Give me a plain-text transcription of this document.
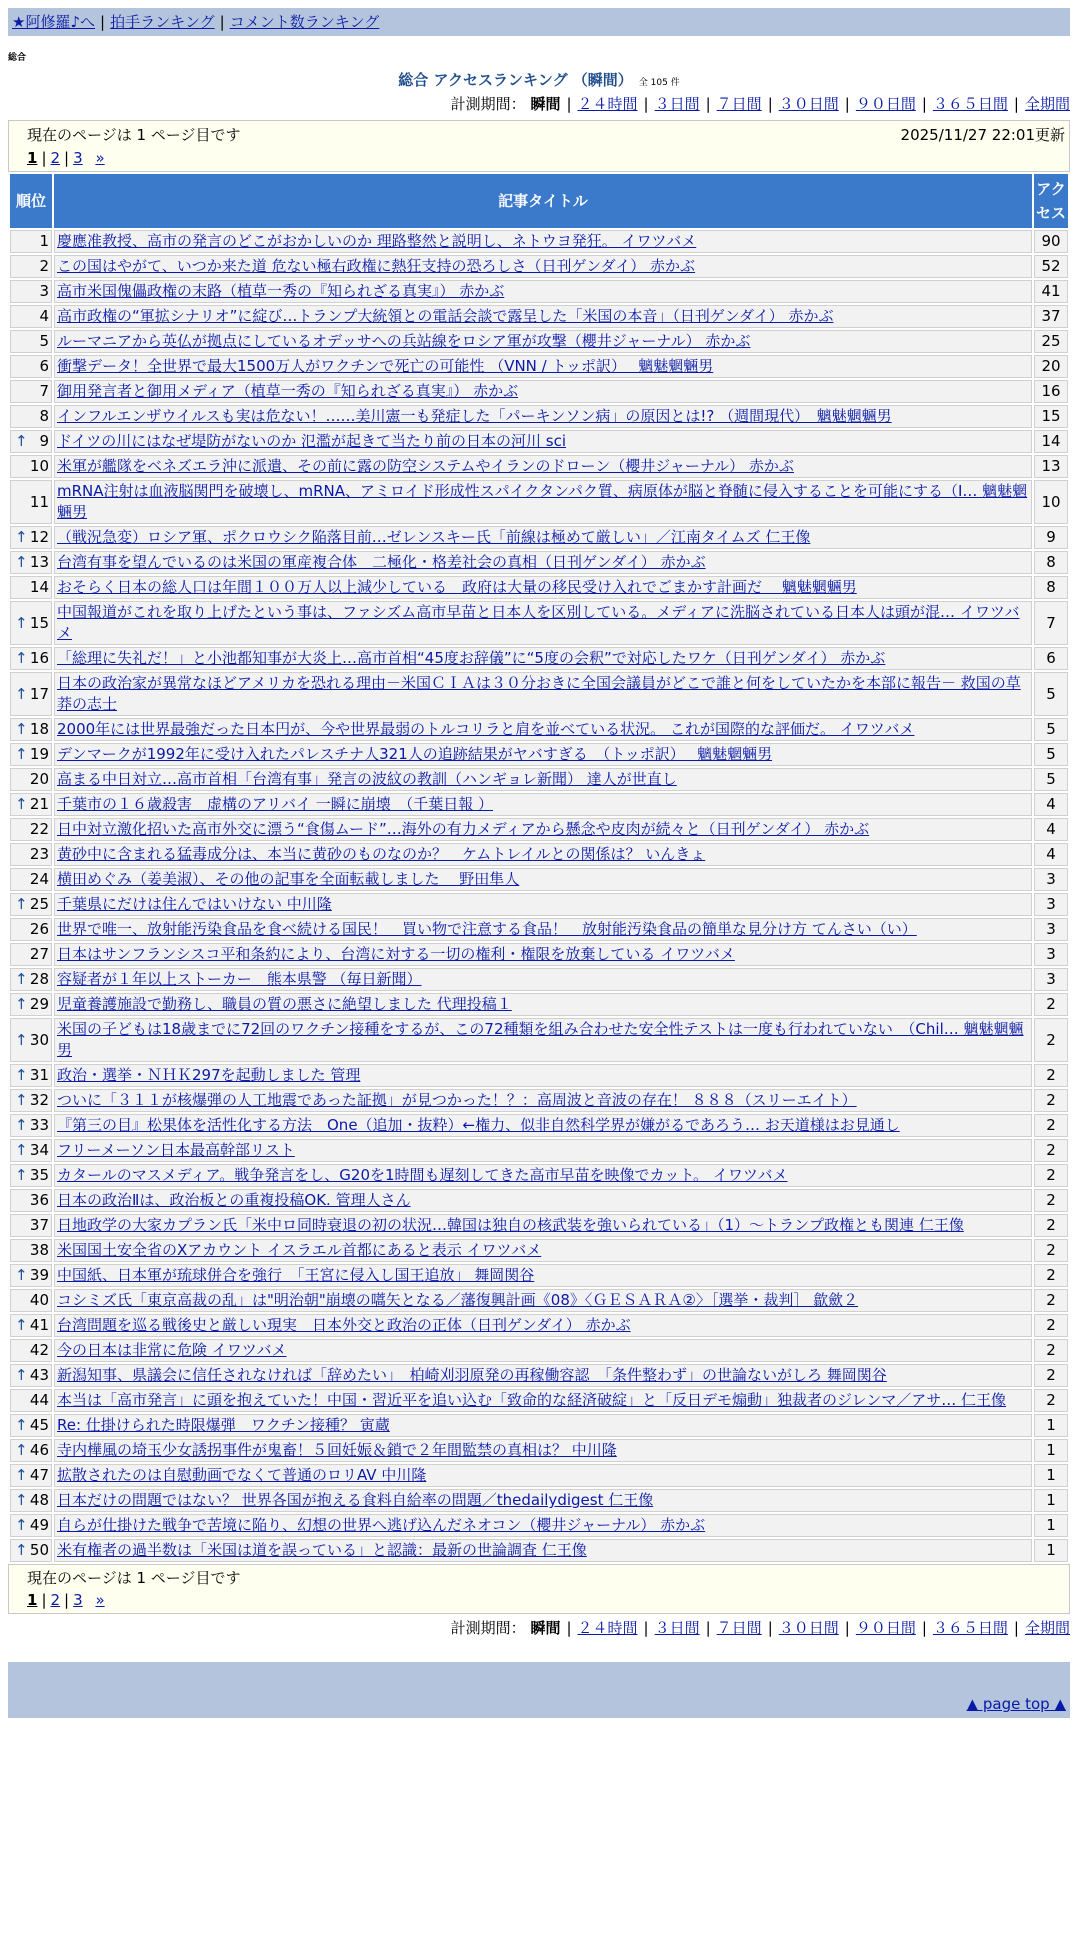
★阿修羅♪へ | 拍手ランキング | コメント数ランキング
総合
総合 アクセスランキング （瞬間） 全 105 件
計測期間： 瞬間 | ２４時間 | ３日間 | ７日間 | ３０日間 | ９０日間 | ３６５日間 | 全期間
現在のページは 1 ページ目です	2025/11/27 22:01更新
1 | 2 | 3 »
順位	記事タイトル	アクセス
1	慶應准教授、高市の発言のどこがおかしいのか 理路整然と説明し、ネトウヨ発狂。 イワツバメ	90
2	この国はやがて、いつか来た道 危ない極右政権に熱狂支持の恐ろしさ（日刊ゲンダイ） 赤かぶ	52
3	高市米国傀儡政権の末路（植草一秀の『知られざる真実』） 赤かぶ	41
4	高市政権の“軍拡シナリオ”に綻び…トランプ大統領との電話会談で露呈した「米国の本音」（日刊ゲンダイ） 赤かぶ	37
5	ルーマニアから英仏が拠点にしているオデッサへの兵站線をロシア軍が攻撃（櫻井ジャーナル） 赤かぶ	25
6	衝撃データ！全世界で最大1500万人がワクチンで死亡の可能性 （VNN / トッポ訳）　 魑魅魍魎男	20
7	御用発言者と御用メディア（植草一秀の『知られざる真実』） 赤かぶ	16
8	インフルエンザウイルスも実は危ない！……美川憲一も発症した「パーキンソン病」の原因とは!? （週間現代）　魑魅魍魎男	15

↑ 9	ドイツの川にはなぜ堤防がないのか 氾濫が起きて当たり前の日本の河川 sci	14
10	米軍が艦隊をベネズエラ沖に派遣、その前に露の防空システムやイランのドローン（櫻井ジャーナル） 赤かぶ	13
11	mRNA注射は血液脳関門を破壊し、mRNA、アミロイド形成性スパイクタンパク質、病原体が脳と脊髄に侵入することを可能にする（I… 魑魅魍魎男	10

↑ 12	（戦況急変）ロシア軍、ポクロウシク陥落目前…ゼレンスキー氏「前線は極めて厳しい」／江南タイムズ 仁王像	9

↑ 13	台湾有事を望んでいるのは米国の軍産複合体　二極化・格差社会の真相（日刊ゲンダイ） 赤かぶ	8
14	おそらく日本の総人口は年間１００万人以上減少している　政府は大量の移民受け入れでごまかす計画だ　 魑魅魍魎男	8

↑ 15	中国報道がこれを取り上げたという事は、ファシズム高市早苗と日本人を区別している。メディアに洗脳されている日本人は頭が混… イワツバメ	7

↑ 16	「総理に失礼だ！」と小池都知事が大炎上…高市首相“45度お辞儀”に“5度の会釈”で対応したワケ（日刊ゲンダイ） 赤かぶ	6

↑ 17	日本の政治家が異常なほどアメリカを恐れる理由－米国ＣＩＡは３０分おきに全国会議員がどこで誰と何をしていたかを本部に報告－ 救国の草莽の志士	5

↑ 18	2000年には世界最強だった日本円が、今や世界最弱のトルコリラと肩を並べている状況。 これが国際的な評価だ。 イワツバメ	5

↑ 19	デンマークが1992年に受け入れたパレスチナ人321人の追跡結果がヤバすぎる　（トッポ訳）　 魑魅魍魎男	5
20	高まる中日対立…高市首相「台湾有事」発言の波紋の教訓（ハンギョレ新聞） 達人が世直し	5

↑ 21	千葉市の１６歳殺害　虚構のアリバイ 一瞬に崩壊　（千葉日報 ）	4
22	日中対立激化招いた高市外交に漂う“食傷ムード”…海外の有力メディアから懸念や皮肉が続々と（日刊ゲンダイ） 赤かぶ	4
23	黄砂中に含まれる猛毒成分は、本当に黄砂のものなのか？　ケムトレイルとの関係は？ いんきょ	4
24	横田めぐみ（姜美淑）、その他の記事を全面転載しました　 野田隼人	3

↑ 25	千葉県にだけは住んではいけない 中川隆	3
26	世界で唯一、放射能汚染食品を食べ続ける国民！　買い物で注意する食品！　放射能汚染食品の簡単な見分け方 てんさい（い）	3
27	日本はサンフランシスコ平和条約により、台湾に対する一切の権利・権限を放棄している イワツバメ	3

↑ 28	容疑者が１年以上ストーカー　熊本県警 （毎日新聞）	3

↑ 29	児童養護施設で勤務し、職員の質の悪さに絶望しました 代理投稿１	2

↑ 30	米国の子どもは18歳までに72回のワクチン接種をするが、この72種類を組み合わせた安全性テストは一度も行われていない　（Chil… 魑魅魍魎男	2

↑ 31	政治・選挙・ＮＨＫ297を起動しました 管理	2

↑ 32	ついに「３１１が核爆弾の人工地震であった証拠」が見つかった！？：高周波と音波の存在！ ８８８（スリーエイト）	2

↑ 33	『第三の目』松果体を活性化する方法　One（追加・抜粋）←権力、似非自然科学界が嫌がるであろう… お天道様はお見通し	2

↑ 34	フリーメーソン日本最高幹部リスト	2

↑ 35	カタールのマスメディア。戦争発言をし、G20を1時間も遅刻してきた高市早苗を映像でカット。 イワツバメ	2
36	日本の政治Ⅱは、政治板との重複投稿OK. 管理人さん	2
37	日地政学の大家カプラン氏「米中ロ同時衰退の初の状況…韓国は独自の核武装を強いられている」（1）～トランプ政権とも関連 仁王像	2
38	米国国土安全省のXアカウント イスラエル首都にあると表示 イワツバメ	2

↑ 39	中国紙、日本軍が琉球併合を強行　「王宮に侵入し国王追放」 舞岡関谷	2
40	コシミズ氏「東京高裁の乱」は"明治朝"崩壊の嚆矢となる／藩復興計画《08》〈ＧＥＳＡＲＡ②〉［選挙・裁判］ 歙歛２	2

↑ 41	台湾問題を巡る戦後史と厳しい現実　日本外交と政治の正体（日刊ゲンダイ） 赤かぶ	2
42	今の日本は非常に危険 イワツバメ	2

↑ 43	新潟知事、県議会に信任されなければ「辞めたい」　柏崎刈羽原発の再稼働容認　「条件整わず」の世論ないがしろ 舞岡関谷	2
44	本当は「高市発言」に頭を抱えていた！中国・習近平を追い込む「致命的な経済破綻」と「反日デモ煽動」独裁者のジレンマ／アサ… 仁王像	2

↑ 45	Re: 仕掛けられた時限爆弾　ワクチン接種？ 寅蔵	1

↑ 46	寺内樺風の埼玉少女誘拐事件が鬼畜！５回妊娠＆鎖で２年間監禁の真相は？ 中川隆	1

↑ 47	拡散されたのは自慰動画でなくて普通のロリAV 中川隆	1

↑ 48	日本だけの問題ではない？ 世界各国が抱える食料自給率の問題／thedailydigest 仁王像	1

↑ 49	自らが仕掛けた戦争で苦境に陥り、幻想の世界へ逃げ込んだネオコン（櫻井ジャーナル） 赤かぶ	1

↑ 50	米有権者の過半数は「米国は道を誤っている」と認識：最新の世論調査 仁王像	1
現在のページは 1 ページ目です
1 | 2 | 3 »
計測期間： 瞬間 | ２４時間 | ３日間 | ７日間 | ３０日間 | ９０日間 | ３６５日間 | 全期間
▲ page top ▲
